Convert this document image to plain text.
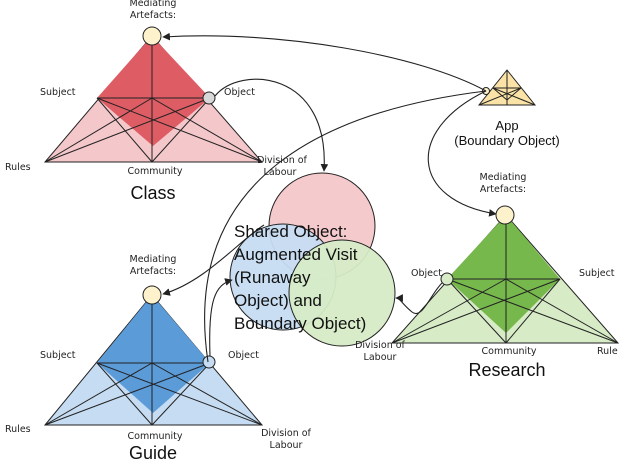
Mediating
Artefacts:
Subject	Object
Rules	Community
Division of
Labour
Class
Mediating
Artefacts:
Subject	Object
Rules
Community	Division of
Labour
Guide
Mediating
Artefacts:
Object	Subject
Community	Rule
Division of
Labour
Research
App
(Boundary Object)
Shared Object:
Augmented Visit
(Runaway
Object) and
Boundary Object)
